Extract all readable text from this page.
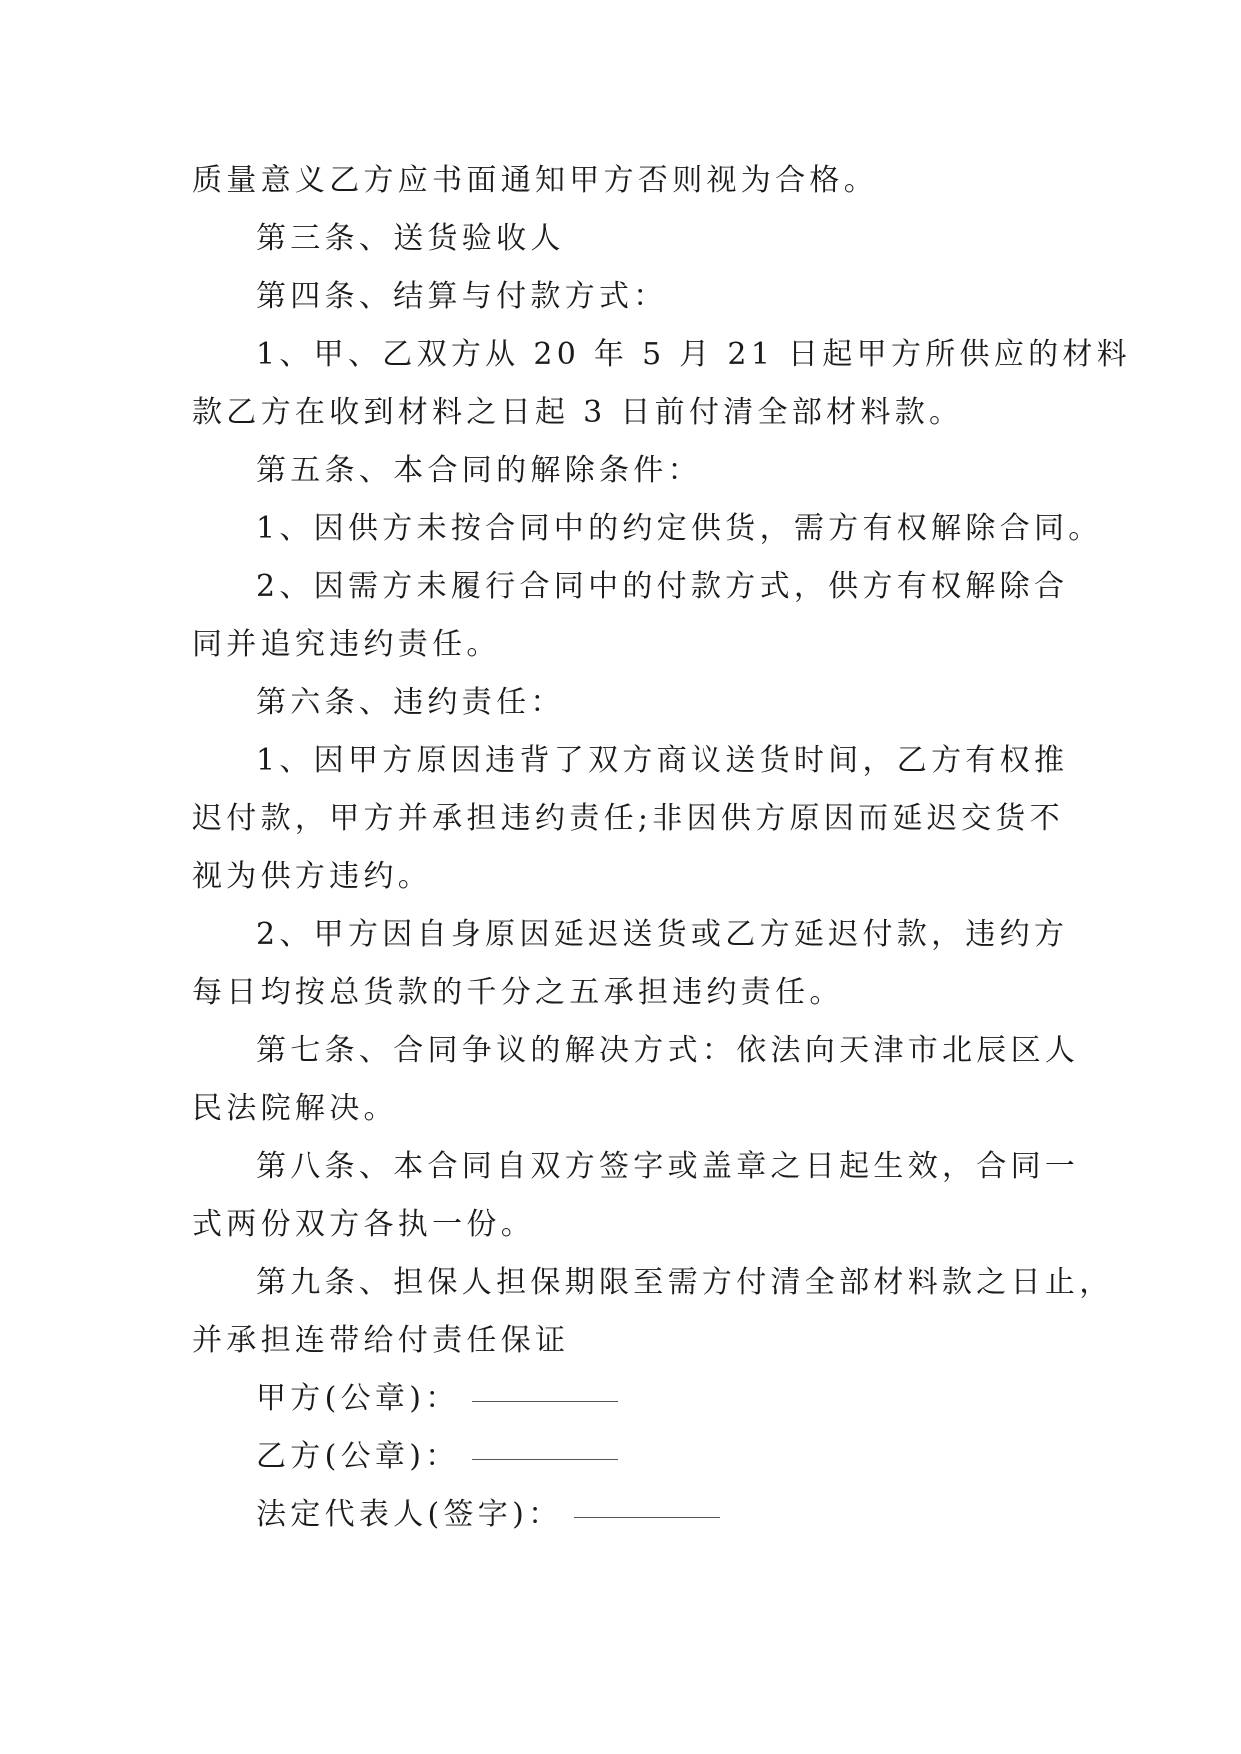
质量意义乙方应书面通知甲方否则视为合格。
第三条、送货验收人
第四条、结算与付款方式：
1、甲、乙双方从 20 年 5 月 21 日起甲方所供应的材料
款乙方在收到材料之日起 3 日前付清全部材料款。
第五条、本合同的解除条件：
1、因供方未按合同中的约定供货，需方有权解除合同。
2、因需方未履行合同中的付款方式，供方有权解除合
同并追究违约责任。
第六条、违约责任：
1、因甲方原因违背了双方商议送货时间，乙方有权推
迟付款，甲方并承担违约责任;非因供方原因而延迟交货不
视为供方违约。
2、甲方因自身原因延迟送货或乙方延迟付款，违约方
每日均按总货款的千分之五承担违约责任。
第七条、合同争议的解决方式：依法向天津市北辰区人
民法院解决。
第八条、本合同自双方签字或盖章之日起生效，合同一
式两份双方各执一份。
第九条、担保人担保期限至需方付清全部材料款之日止，
并承担连带给付责任保证
甲方(公章)：
乙方(公章)：
法定代表人(签字)：
